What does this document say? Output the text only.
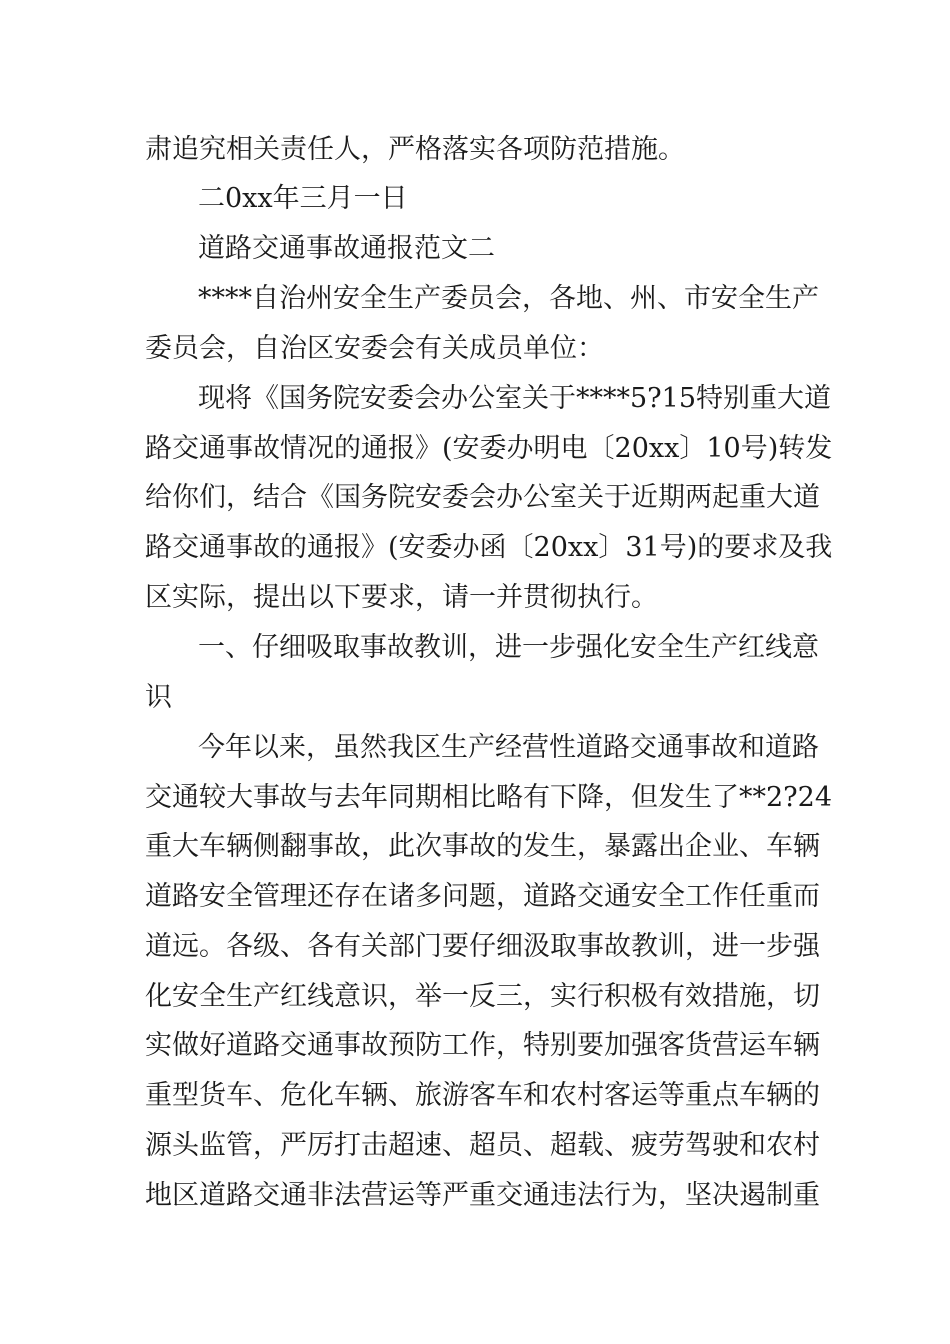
肃追究相关责任人，严格落实各项防范措施。
二0xx年三月一日
道路交通事故通报范文二
****自治州安全生产委员会，各地、州、市安全生产
委员会，自治区安委会有关成员单位：
现将《国务院安委会办公室关于****5?15特别重大道
路交通事故情况的通报》(安委办明电〔20xx〕10号)转发
给你们，结合《国务院安委会办公室关于近期两起重大道
路交通事故的通报》(安委办函〔20xx〕31号)的要求及我
区实际，提出以下要求，请一并贯彻执行。
一、仔细吸取事故教训，进一步强化安全生产红线意
识
今年以来，虽然我区生产经营性道路交通事故和道路
交通较大事故与去年同期相比略有下降，但发生了**2?24
重大车辆侧翻事故，此次事故的发生，暴露出企业、车辆
道路安全管理还存在诸多问题，道路交通安全工作任重而
道远。各级、各有关部门要仔细汲取事故教训，进一步强
化安全生产红线意识，举一反三，实行积极有效措施，切
实做好道路交通事故预防工作，特别要加强客货营运车辆
重型货车、危化车辆、旅游客车和农村客运等重点车辆的
源头监管，严厉打击超速、超员、超载、疲劳驾驶和农村
地区道路交通非法营运等严重交通违法行为，坚决遏制重
